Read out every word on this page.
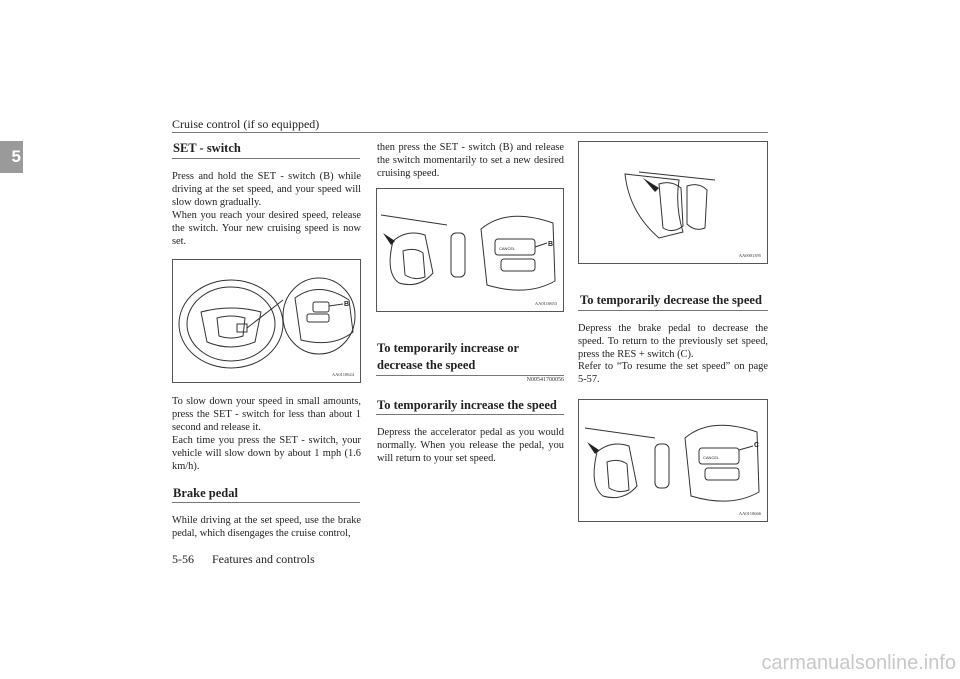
Cruise control (if so equipped)
5
5-56 Features and controls
SET - switch
Press and hold the SET - switch (B) while driving at the set speed, and your speed will slow down gradually.
When you reach your desired speed, release the switch. Your new cruising speed is now set.
B
AA0110624
To slow down your speed in small amounts, press the SET - switch for less than about 1 second and release it.
Each time you press the SET - switch, your vehicle will slow down by about 1 mph (1.6 km/h).
Brake pedal
While driving at the set speed, use the brake pedal, which disengages the cruise control,
then press the SET - switch (B) and release the switch momentarily to set a new desired cruising speed.
CANCEL
B
AA0110653
To temporarily increase or decrease the speed
N00541700056
To temporarily increase the speed
Depress the accelerator pedal as you would normally. When you release the pedal, you will return to your set speed.
AA0001395
To temporarily decrease the speed
Depress the brake pedal to decrease the speed. To return to the previously set speed, press the RES + switch (C).
Refer to “To resume the set speed” on page 5-57.
CANCEL
C
AA0110666
carmanualsonline.info
